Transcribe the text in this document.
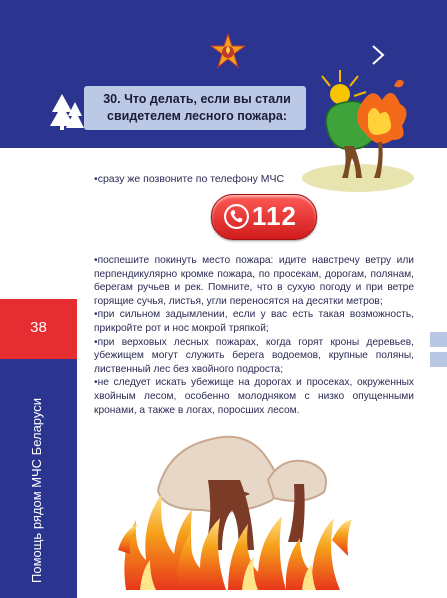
30. Что делать, если вы стали
свидетелем лесного пожара:
38
Помощь рядом МЧС Беларуси
•сразу же позвоните по телефону МЧС
112

•поспешите покинуть место пожара: идите навстречу ветру или перпендикулярно кромке пожара, по просекам, дорогам, полянам, берегам ручьев и рек. Помните, что в сухую погоду и при ветре горящие сучья, листья, угли переносятся на десятки метров;

•при сильном задымлении, если у вас есть такая возможность, прикройте рот и нос мокрой тряпкой;

•при верховых лесных пожарах, когда горят кроны деревьев, убежищем могут служить берега водоемов, крупные поляны, лиственный лес без хвойного подроста;

•не следует искать убежище на дорогах и просеках, окруженных хвойным лесом, особенно молодняком с низко опущенными кронами, а также в логах, поросших лесом.
